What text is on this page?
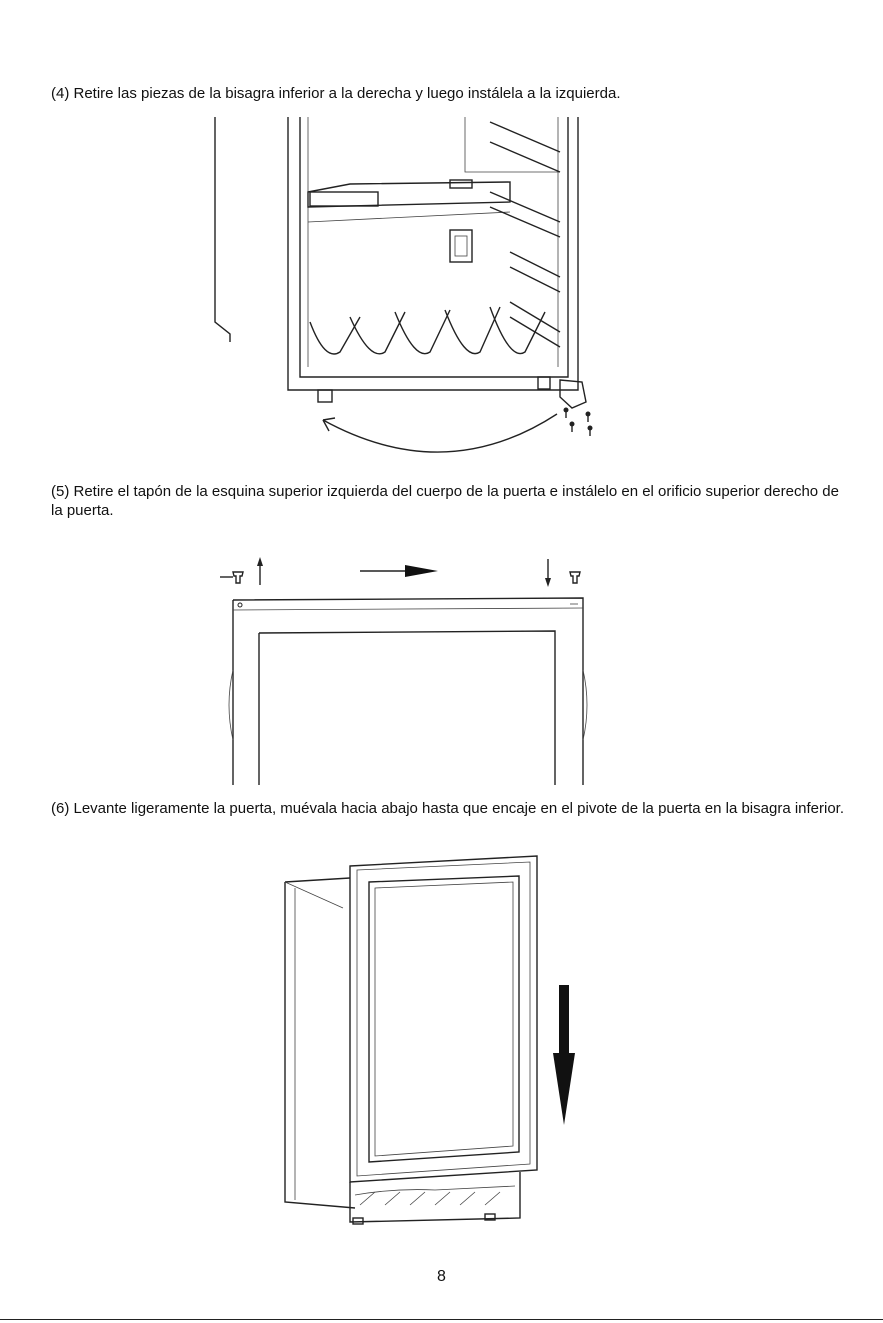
(4) Retire las piezas de la bisagra inferior a la derecha y luego instálela a la izquierda.

(5) Retire el tapón de la esquina superior izquierda del cuerpo de la puerta e instálelo en el orificio superior derecho de la puerta.

(6) Levante ligeramente la puerta, muévala hacia abajo hasta que encaje en el pivote de la puerta en la bisagra inferior.

8
